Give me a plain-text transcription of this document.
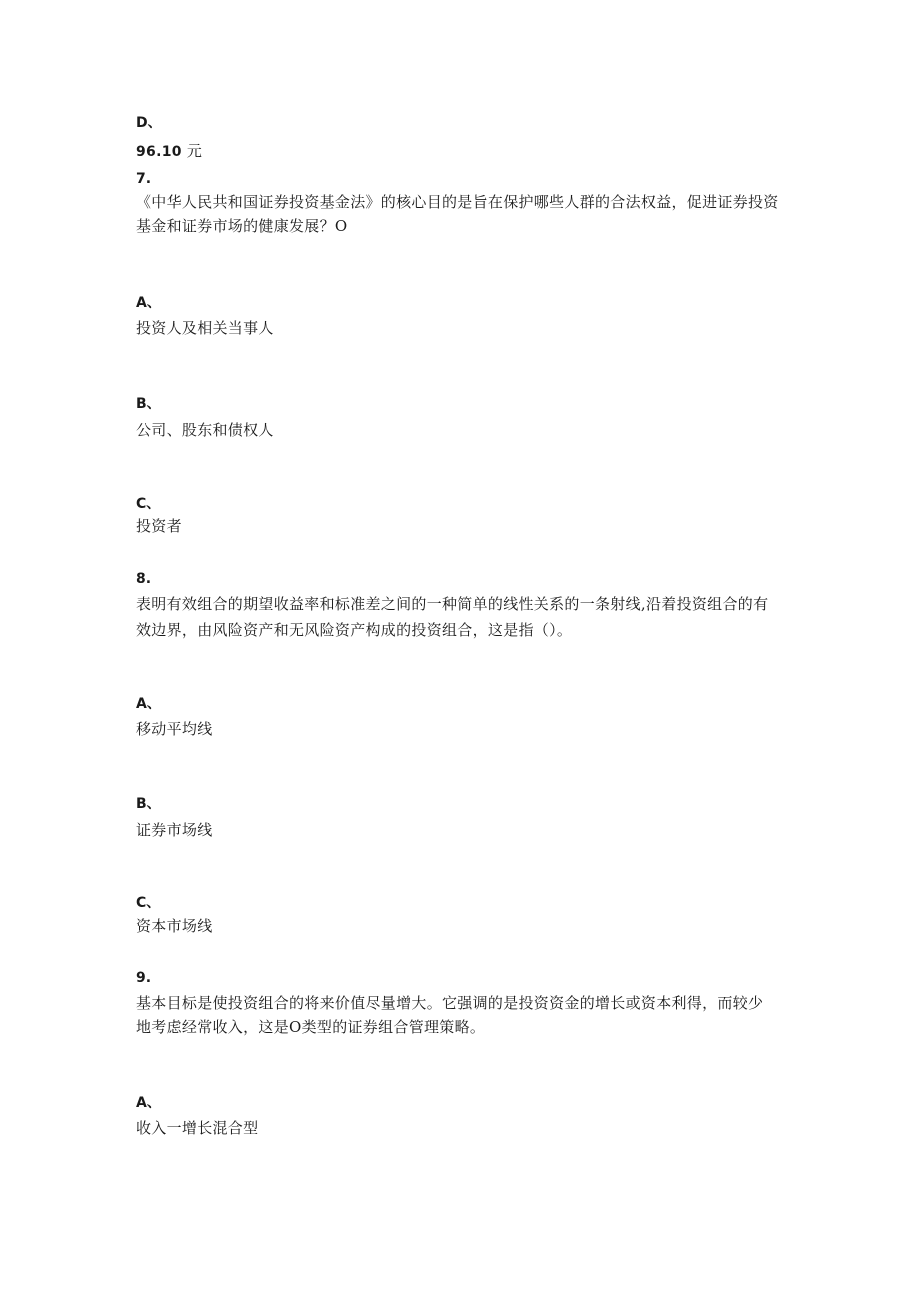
D、
96.10 元
7.
《中华人民共和国证券投资基金法》的核心目的是旨在保护哪些人群的合法权益，促进证券投资
基金和证券市场的健康发展？O
A、
投资人及相关当事人
B、
公司、股东和债权人
C、
投资者
8.
表明有效组合的期望收益率和标准差之间的一种简单的线性关系的一条射线,沿着投资组合的有
效边界，由风险资产和无风险资产构成的投资组合，这是指（）。
A、
移动平均线
B、
证券市场线
C、
资本市场线
9.
基本目标是使投资组合的将来价值尽量增大。它强调的是投资资金的增长或资本利得，而较少
地考虑经常收入，这是O类型的证券组合管理策略。
A、
收入一增长混合型
